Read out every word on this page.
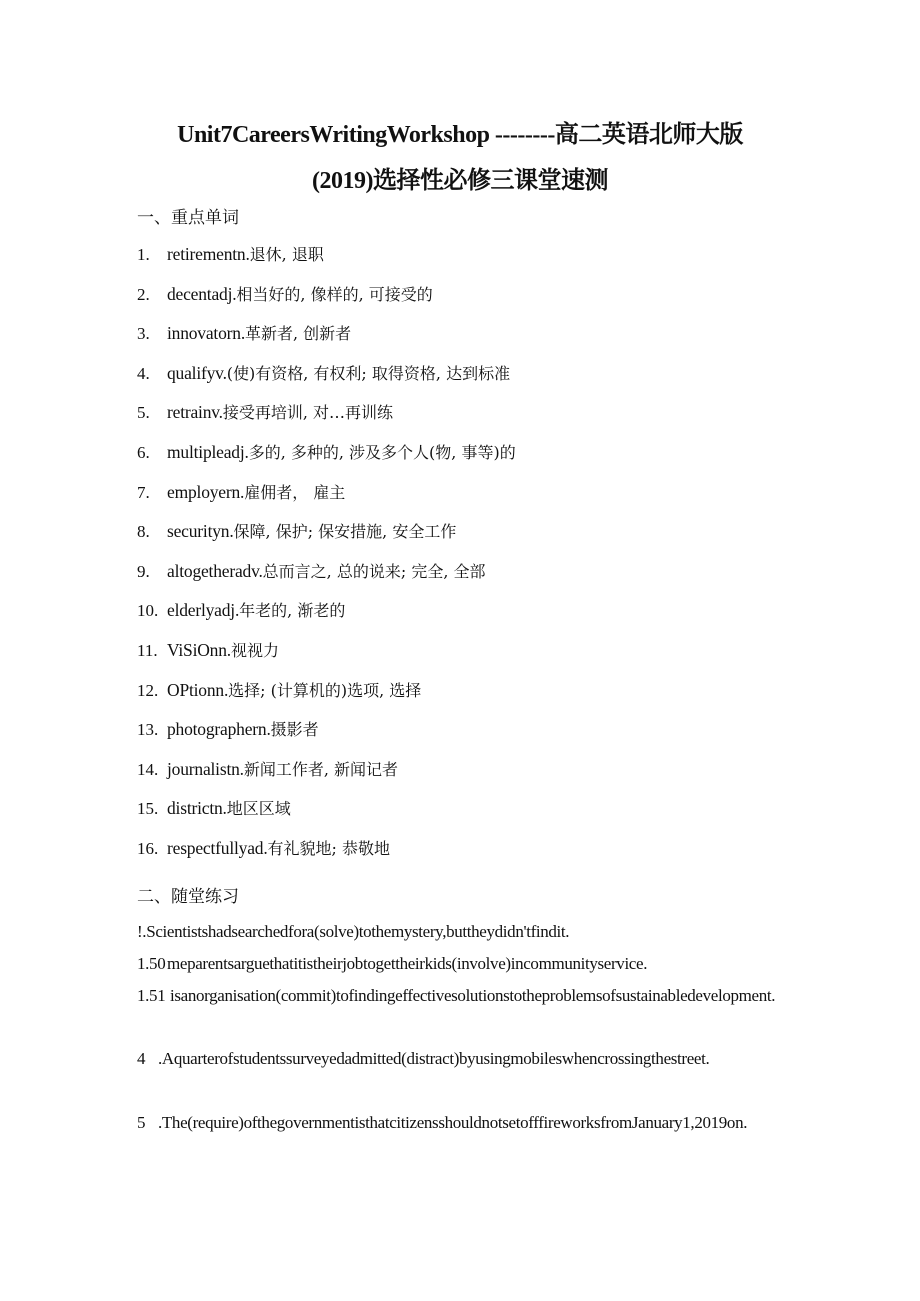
Unit7CareersWritingWorkshop --------高二英语北师大版
(2019)选择性必修三课堂速测
一、重点单词
1. retirementn.退休, 退职
2. decentadj.相当好的, 像样的, 可接受的
3. innovatorn.革新者, 创新者
4. qualifyv.(使)有资格, 有权利; 取得资格, 达到标准
5. retrainv.接受再培训, 对…再训练
6. multipleadj.多的, 多种的, 涉及多个人(物, 事等)的
7. employern.雇佣者， 雇主
8. securityn.保障, 保护; 保安措施, 安全工作
9. altogetheradv.总而言之, 总的说来; 完全, 全部
10. elderlyadj.年老的, 渐老的
11. ViSiOnn.视视力
12. OPtionn.选择; (计算机的)选项, 选择
13. photographern.摄影者
14. journalistn.新闻工作者, 新闻记者
15. districtn.地区区域
16. respectfullyad.有礼貌地; 恭敬地
二、随堂练习
!.Scientistshadsearchedfora(solve)tothemystery,buttheydidn'tfindit.
1.50meparentsarguethatitistheirjobtogettheirkids(involve)incommunityservice.
1.51 isanorganisation(commit)tofindingeffectivesolutionstotheproblemsofsustainabledevelopment.
4 .Aquarterofstudentssurveyedadmitted(distract)byusingmobileswhencrossingthestreet.
5 .The(require)ofthegovernmentisthatcitizensshouldnotsetofffireworksfromJanuary1,2019on.
